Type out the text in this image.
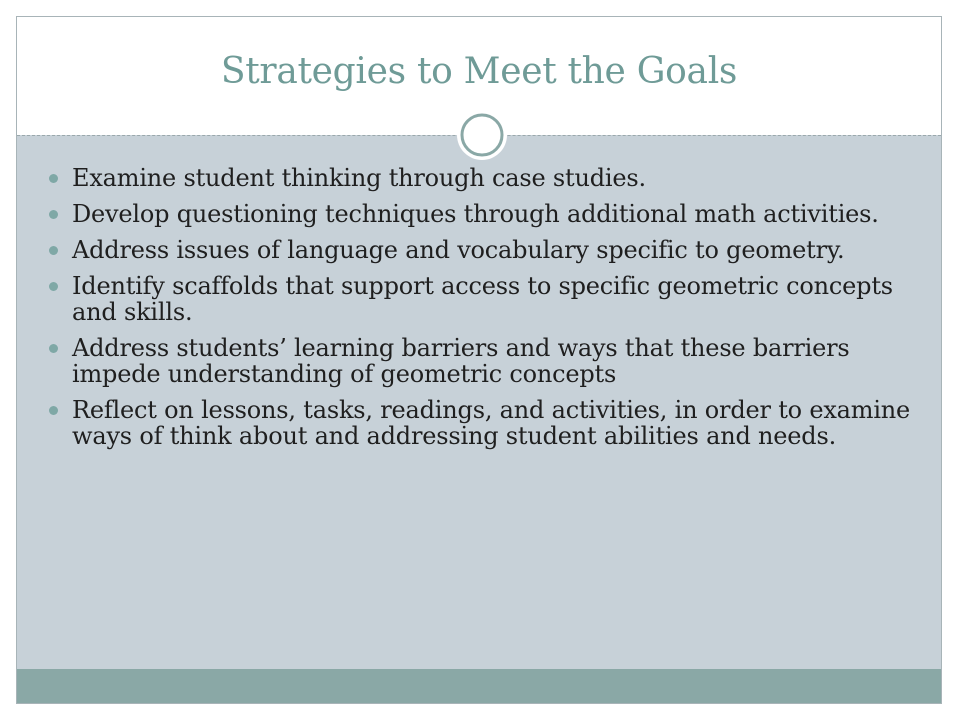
Strategies to Meet the Goals
Examine student thinking through case studies.
Develop questioning techniques through additional math activities.
Address issues of language and vocabulary specific to geometry.
Identify scaffolds that support access to specific geometric concepts and skills.
Address students’ learning barriers and ways that these barriers impede understanding of geometric concepts
Reflect on lessons, tasks, readings, and activities, in order to examine ways of think about and addressing student abilities and needs.
